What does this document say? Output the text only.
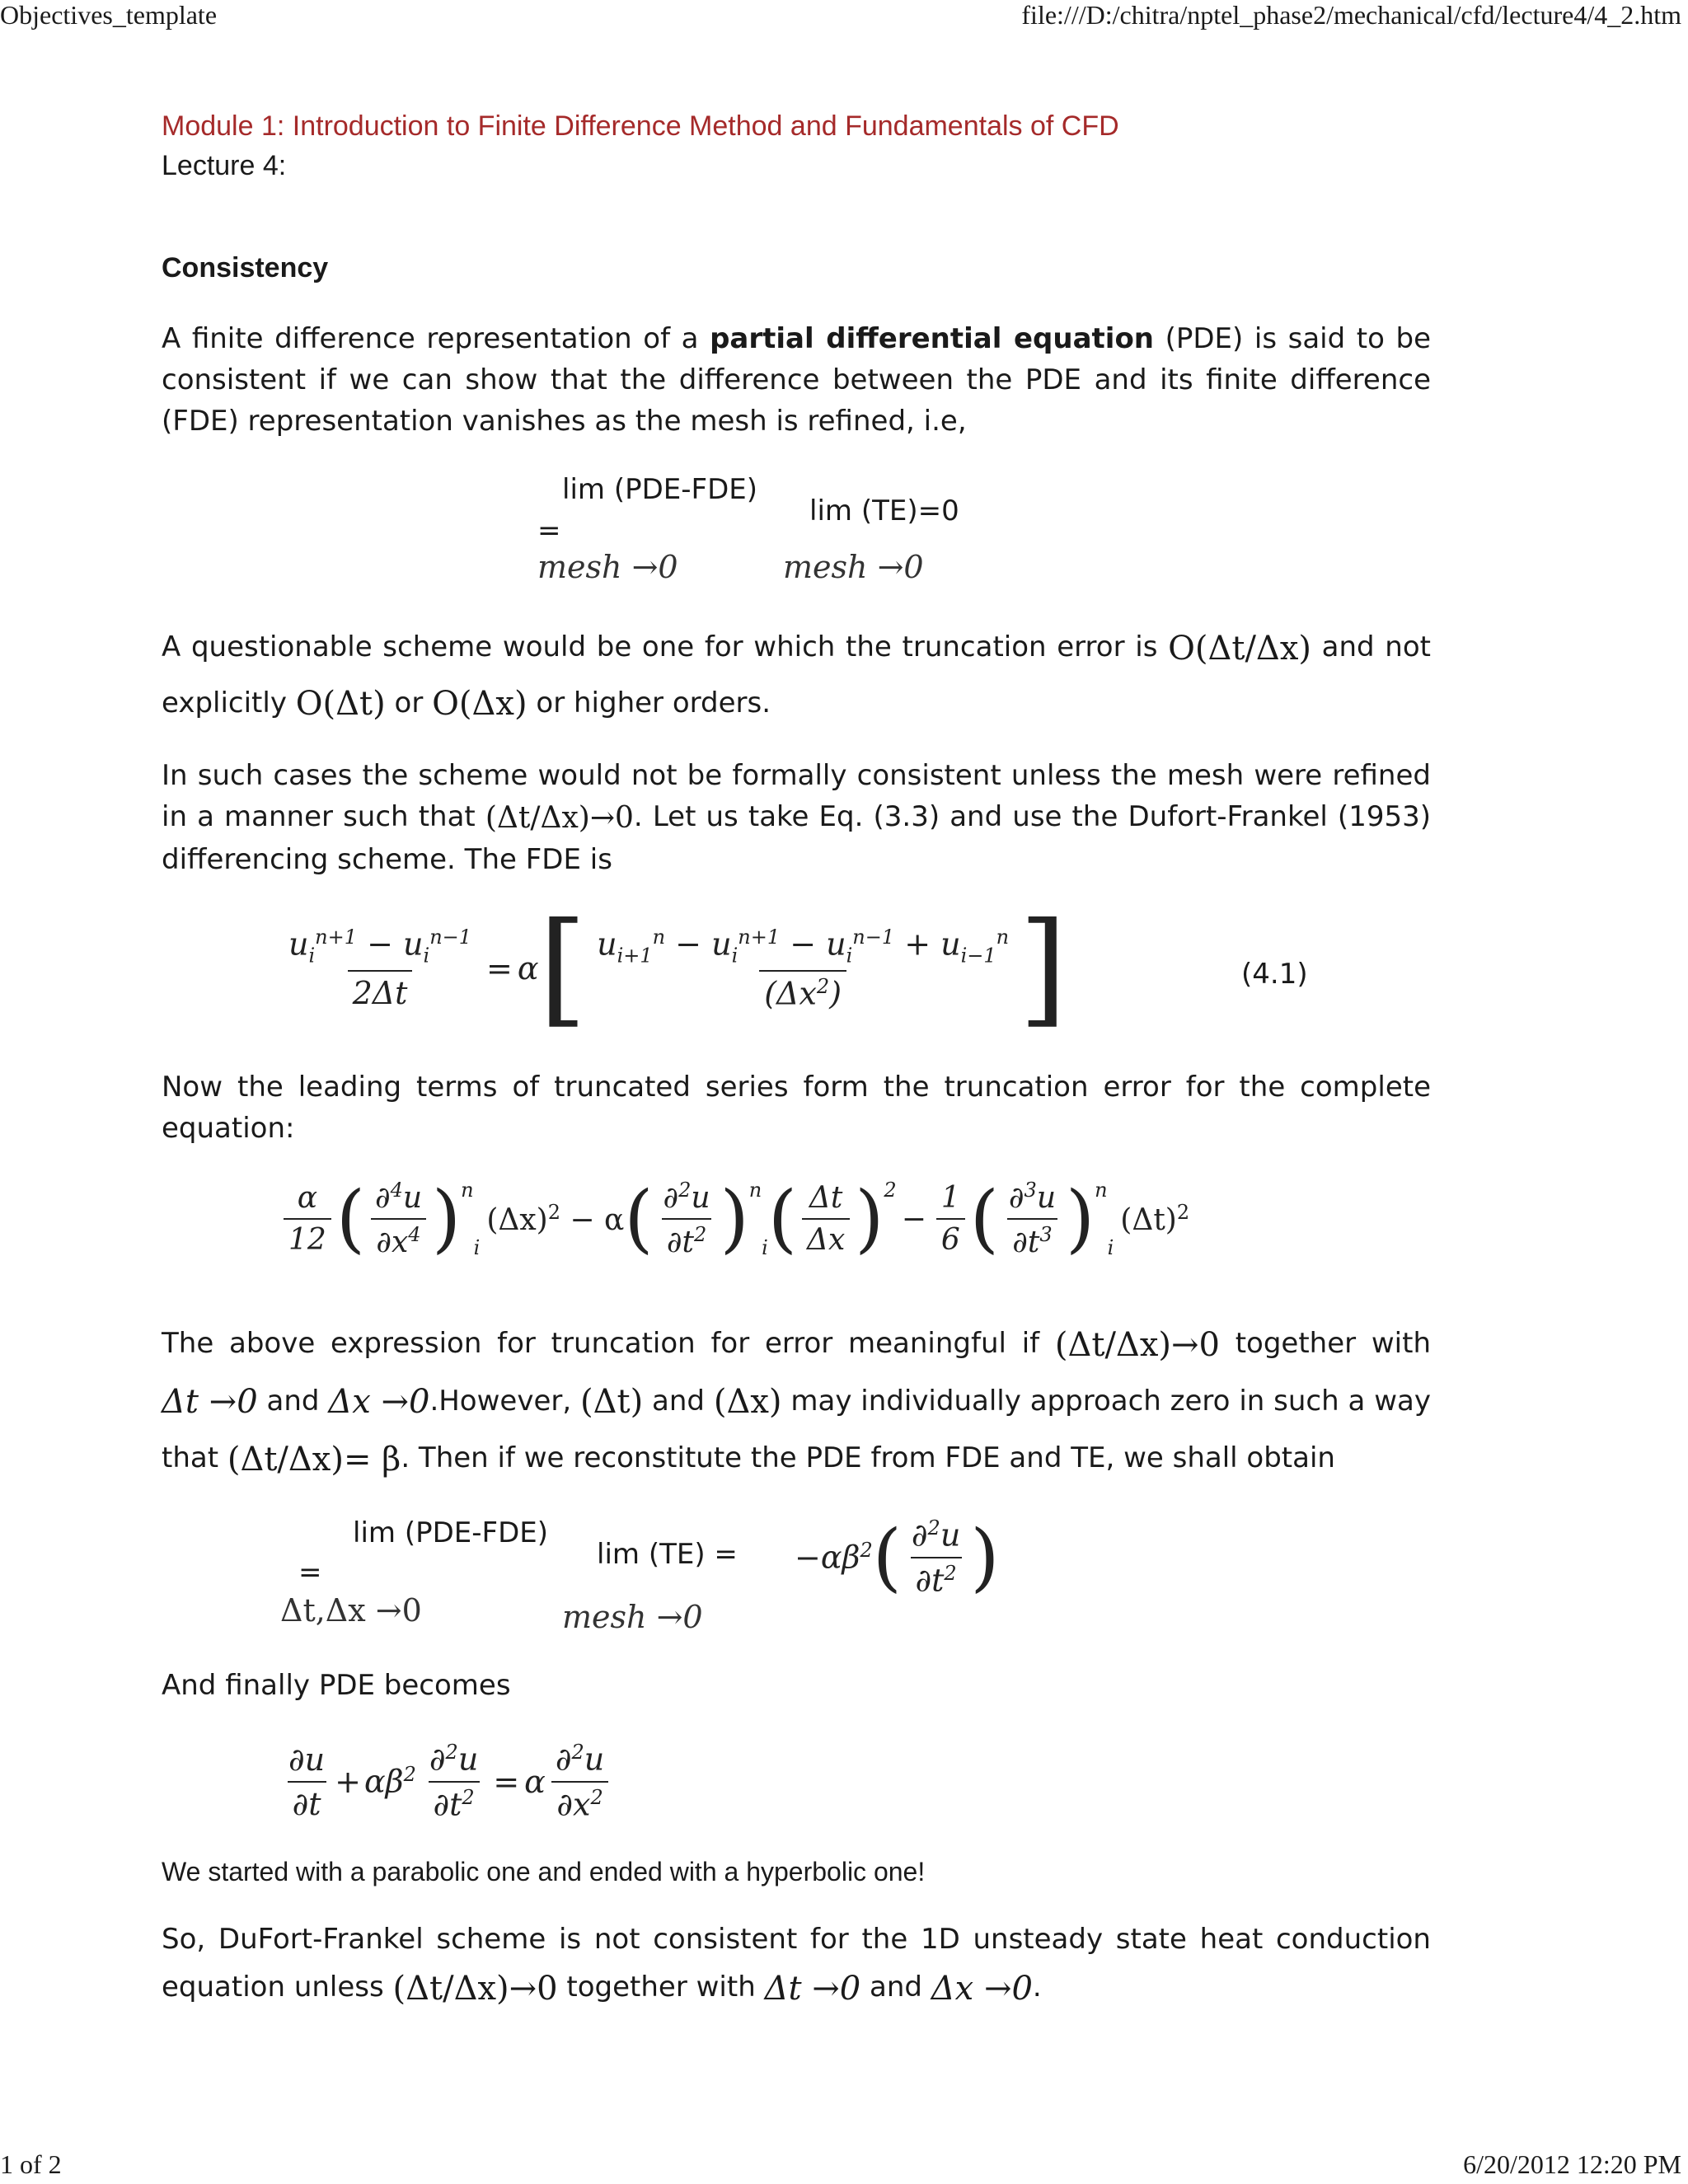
Objectives_template	file:///D:/chitra/nptel_phase2/mechanical/cfd/lecture4/4_2.htm
Module 1: Introduction to Finite Difference Method and Fundamentals of CFD
Lecture 4:
Consistency
A finite difference representation of a partial differential equation (PDE) is said to be consistent if we can show that the difference between the PDE and its finite difference (FDE) representation vanishes as the mesh is refined, i.e,
lim (PDE-FDE)
=
lim (TE)=0
mesh →0	mesh →0
A questionable scheme would be one for which the truncation error is O(Δt/Δx) and not explicitly O(Δt) or O(Δx) or higher orders.
In such cases the scheme would not be formally consistent unless the mesh were refined in a manner such that (Δt/Δx)→0. Let us take Eq. (3.3) and use the Dufort-Frankel (1953) differencing scheme. The FDE is
$\frac{u_i^{n+1} - u_i^{n-1}}{2\Delta t} = \alpha$ [ $\frac{u_{i+1}^n - u_i^{n+1} - u_i^{n-1} + u_{i-1}^n}{(\Delta x^2)}$ ]	(4.1)
Now the leading terms of truncated series form the truncation error for the complete equation:
$\frac{\alpha}{12}$ ( $\frac{\partial^4u}{\partial x^4} )^n$
i
$(\Delta x)^2 - \alpha$ ( $\frac{\partial^2u}{\partial t^2} )^n$
i ( $\frac{\Delta t}{\Delta x} )^2$
− $\frac{1}{6}$ ( $\frac{\partial^3u}{\partial t^3} )^n$
i
$(\Delta t)^2$
The above expression for truncation for error meaningful if (Δt/Δx)→0 together with Δt →0 and Δx →0.However, (Δt) and (Δx) may individually approach zero in such a way that (Δt/Δx)= β. Then if we reconstitute the PDE from FDE and TE, we shall obtain
lim (PDE-FDE)
=
Δt,Δx →0
lim (TE) =
mesh →0
− $\alpha\beta^2$ ( $\frac{\partial^2u}{\partial t^2}$ )
And finally PDE becomes
$\frac{\partial u}{\partial t} + \alpha\beta^2 \frac{\partial^2u}{\partial t^2} = \alpha \frac{\partial^2u}{\partial x^2}$
We started with a parabolic one and ended with a hyperbolic one!
So, DuFort-Frankel scheme is not consistent for the 1D unsteady state heat conduction equation unless (Δt/Δx)→0 together with Δt →0 and Δx →0.
1 of 2	6/20/2012 12:20 PM
